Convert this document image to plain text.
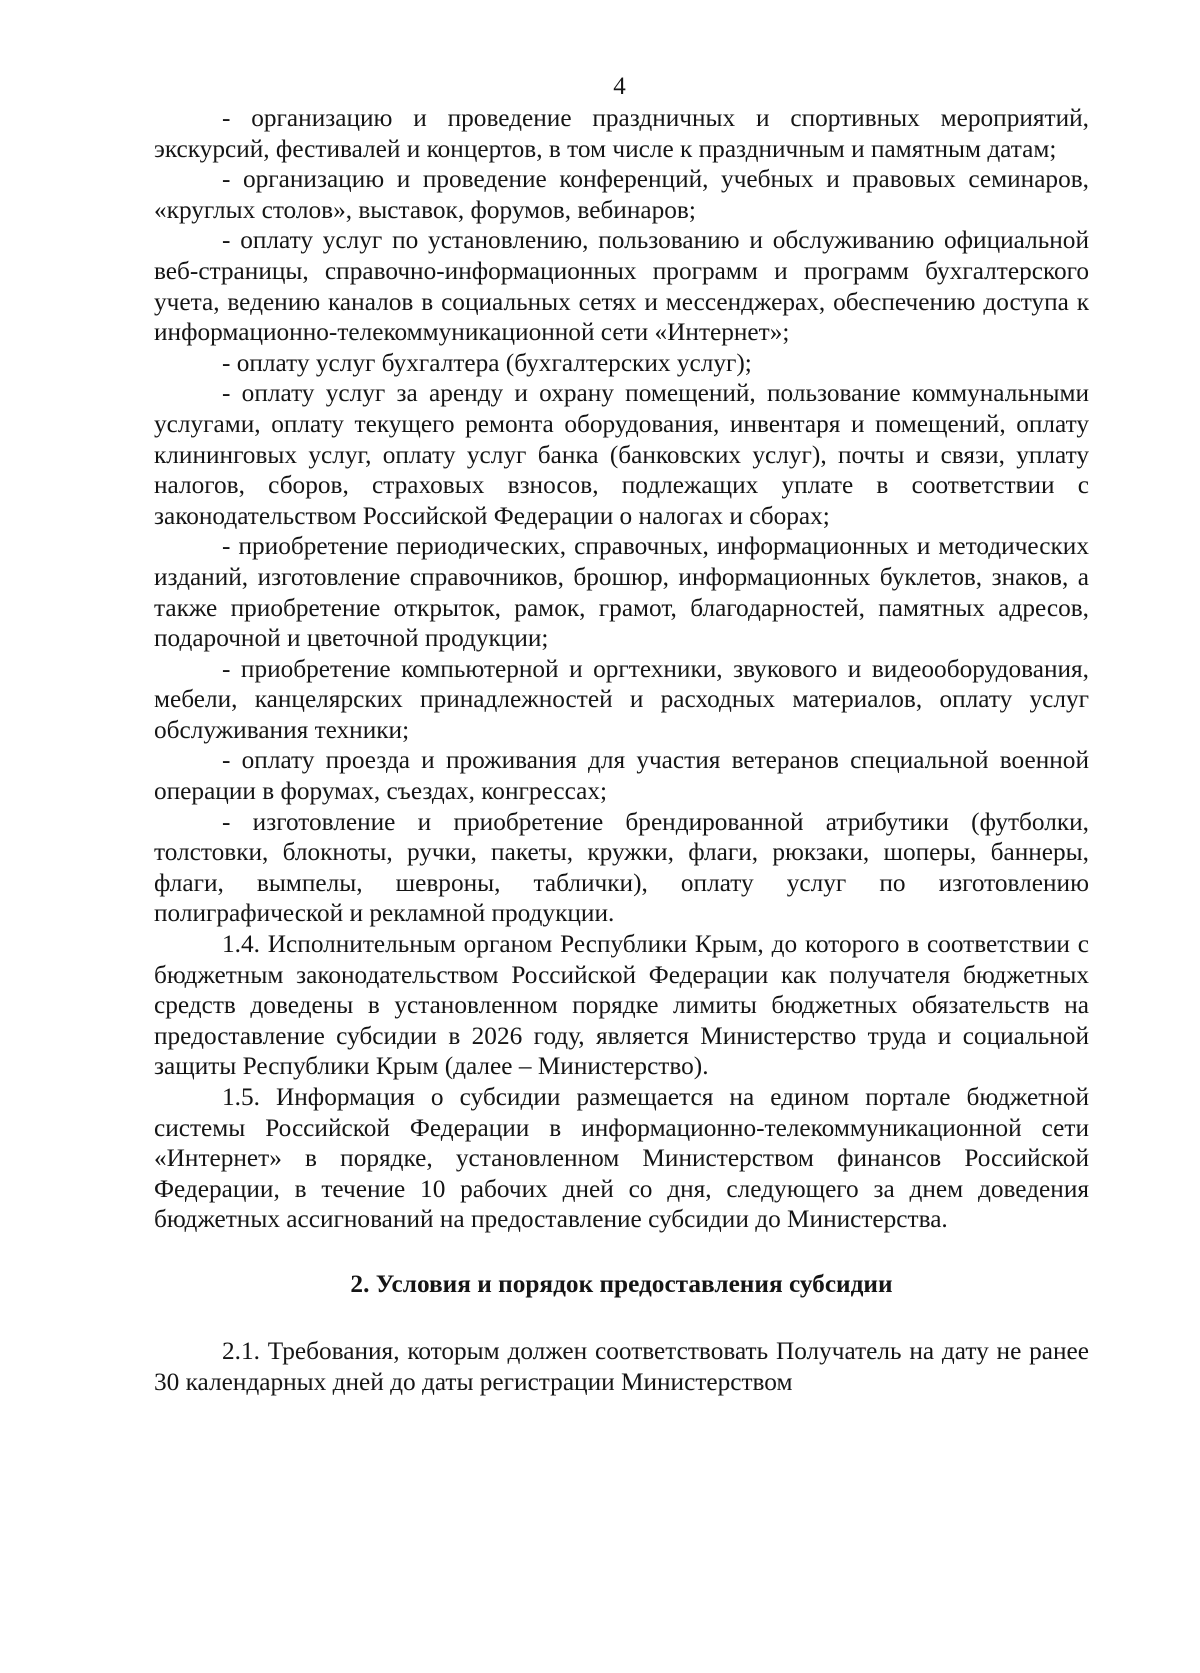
4

- организацию и проведение праздничных и спортивных мероприятий, экскурсий, фестивалей и концертов, в том числе к праздничным и памятным датам;

- организацию и проведение конференций, учебных и правовых семинаров, «круглых столов», выставок, форумов, вебинаров;

- оплату услуг по установлению, пользованию и обслуживанию официальной веб-страницы, справочно-информационных программ и программ бухгалтерского учета, ведению каналов в социальных сетях и мессенджерах, обеспечению доступа к информационно-телекоммуникационной сети «Интернет»;

- оплату услуг бухгалтера (бухгалтерских услуг);

- оплату услуг за аренду и охрану помещений, пользование коммунальными услугами, оплату текущего ремонта оборудования, инвентаря и помещений, оплату клининговых услуг, оплату услуг банка (банковских услуг), почты и связи, уплату налогов, сборов, страховых взносов, подлежащих уплате в соответствии с законодательством Российской Федерации о налогах и сборах;

- приобретение периодических, справочных, информационных и методических изданий, изготовление справочников, брошюр, информационных буклетов, знаков, а также приобретение открыток, рамок, грамот, благодарностей, памятных адресов, подарочной и цветочной продукции;

- приобретение компьютерной и оргтехники, звукового и видеооборудования, мебели, канцелярских принадлежностей и расходных материалов, оплату услуг обслуживания техники;

- оплату проезда и проживания для участия ветеранов специальной военной операции в форумах, съездах, конгрессах;

- изготовление и приобретение брендированной атрибутики (футболки, толстовки, блокноты, ручки, пакеты, кружки, флаги, рюкзаки, шоперы, баннеры, флаги, вымпелы, шевроны, таблички), оплату услуг по изготовлению полиграфической и рекламной продукции.

1.4. Исполнительным органом Республики Крым, до которого в соответствии с бюджетным законодательством Российской Федерации как получателя бюджетных средств доведены в установленном порядке лимиты бюджетных обязательств на предоставление субсидии в 2026 году, является Министерство труда и социальной защиты Республики Крым (далее – Министерство).

1.5. Информация о субсидии размещается на едином портале бюджетной системы Российской Федерации в информационно-телекоммуникационной сети «Интернет» в порядке, установленном Министерством финансов Российской Федерации, в течение 10 рабочих дней со дня, следующего за днем доведения бюджетных ассигнований на предоставление субсидии до Министерства.

2. Условия и порядок предоставления субсидии

2.1. Требования, которым должен соответствовать Получатель на дату не ранее 30 календарных дней до даты регистрации Министерством
